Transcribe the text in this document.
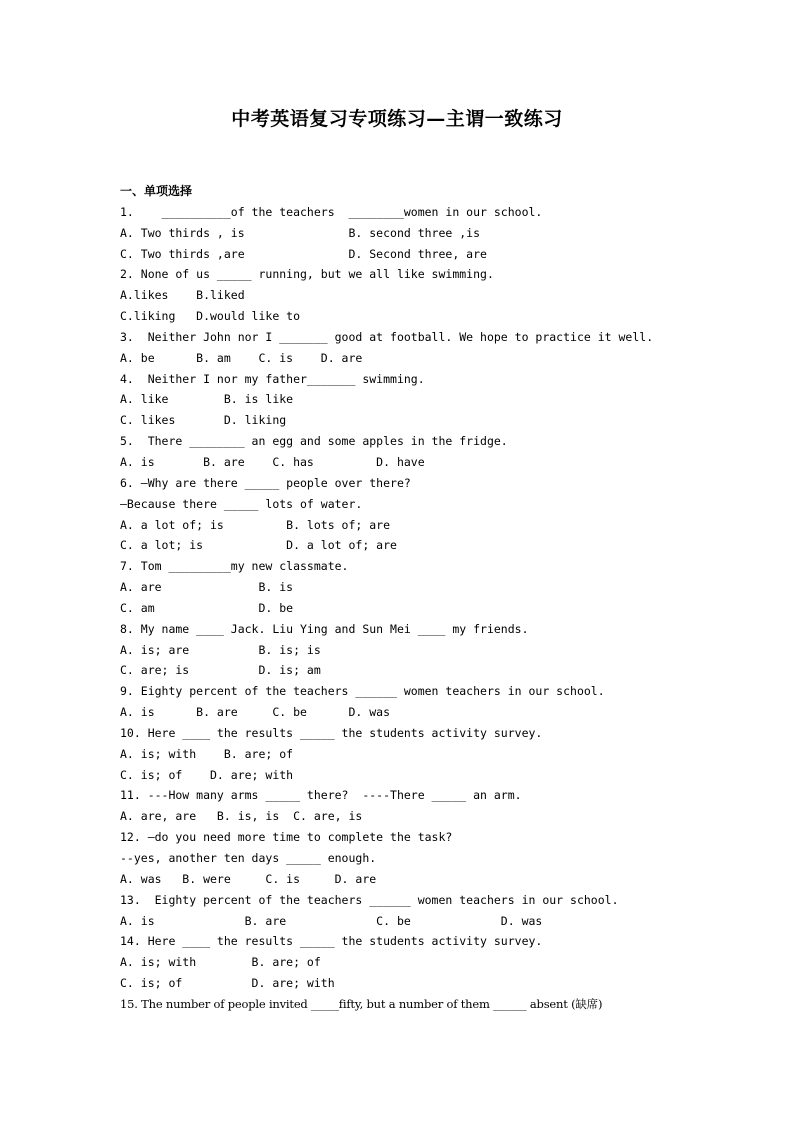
中考英语复习专项练习—主谓一致练习
一、单项选择
1.    __________of the teachers  ________women in our school.
A. Two thirds , is               B. second three ,is
C. Two thirds ,are               D. Second three, are
2. None of us _____ running, but we all like swimming.
A.likes    B.liked
C.liking   D.would like to
3.  Neither John nor I _______ good at football. We hope to practice it well.
A. be      B. am    C. is    D. are
4.  Neither I nor my father_______ swimming.
A. like        B. is like
C. likes       D. liking
5.  There ________ an egg and some apples in the fridge.
A. is       B. are    C. has         D. have
6. —Why are there _____ people over there?
—Because there _____ lots of water.
A. a lot of; is         B. lots of; are
C. a lot; is            D. a lot of; are
7. Tom _________my new classmate.
A. are              B. is
C. am               D. be
8. My name ____ Jack. Liu Ying and Sun Mei ____ my friends.
A. is; are          B. is; is
C. are; is          D. is; am
9. Eighty percent of the teachers ______ women teachers in our school.
A. is      B. are     C. be      D. was
10. Here ____ the results _____ the students activity survey.
A. is; with    B. are; of
C. is; of    D. are; with
11. ---How many arms _____ there?  ----There _____ an arm.
A. are, are   B. is, is  C. are, is
12. —do you need more time to complete the task?
--yes, another ten days _____ enough.
A. was   B. were     C. is     D. are
13.  Eighty percent of the teachers ______ women teachers in our school.
A. is             B. are             C. be             D. was
14. Here ____ the results _____ the students activity survey.
A. is; with        B. are; of
C. is; of          D. are; with
15. The number of people invited _____fifty, but a number of them ______ absent (缺席)
